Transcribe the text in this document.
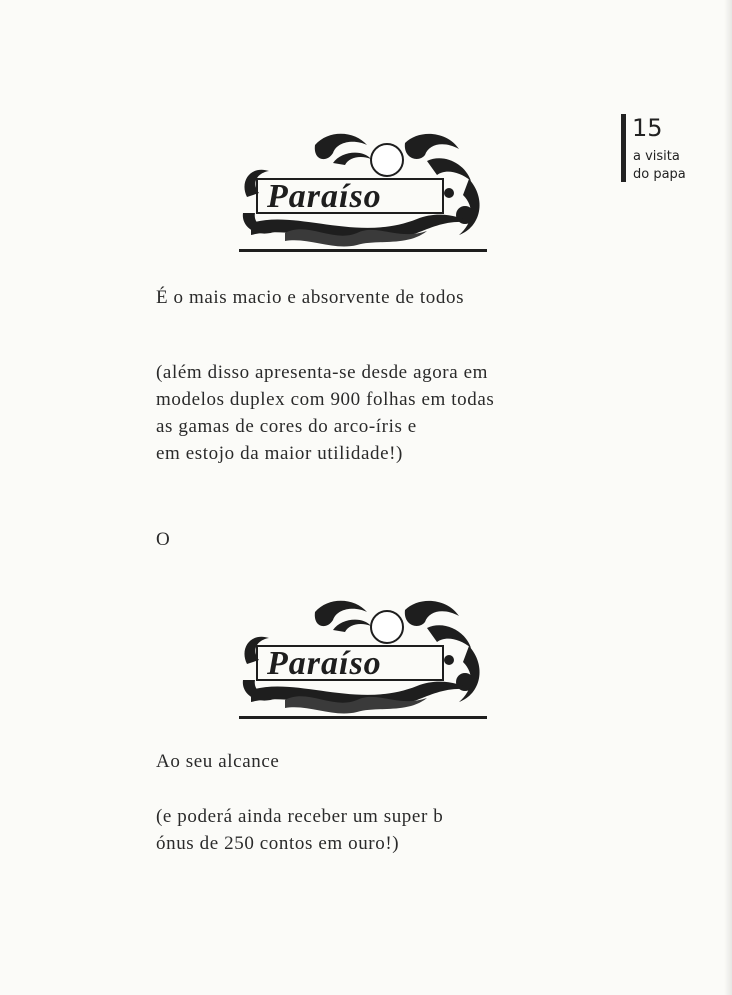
15
a visita
do papa
Paraíso
É o mais macio e absorvente de todos
(além disso apresenta-se desde agora em
modelos duplex com 900 folhas em todas
as gamas de cores do arco-íris e
em estojo da maior utilidade!)
O
Paraíso
Ao seu alcance
(e poderá ainda receber um super b
ónus de 250 contos em ouro!)
